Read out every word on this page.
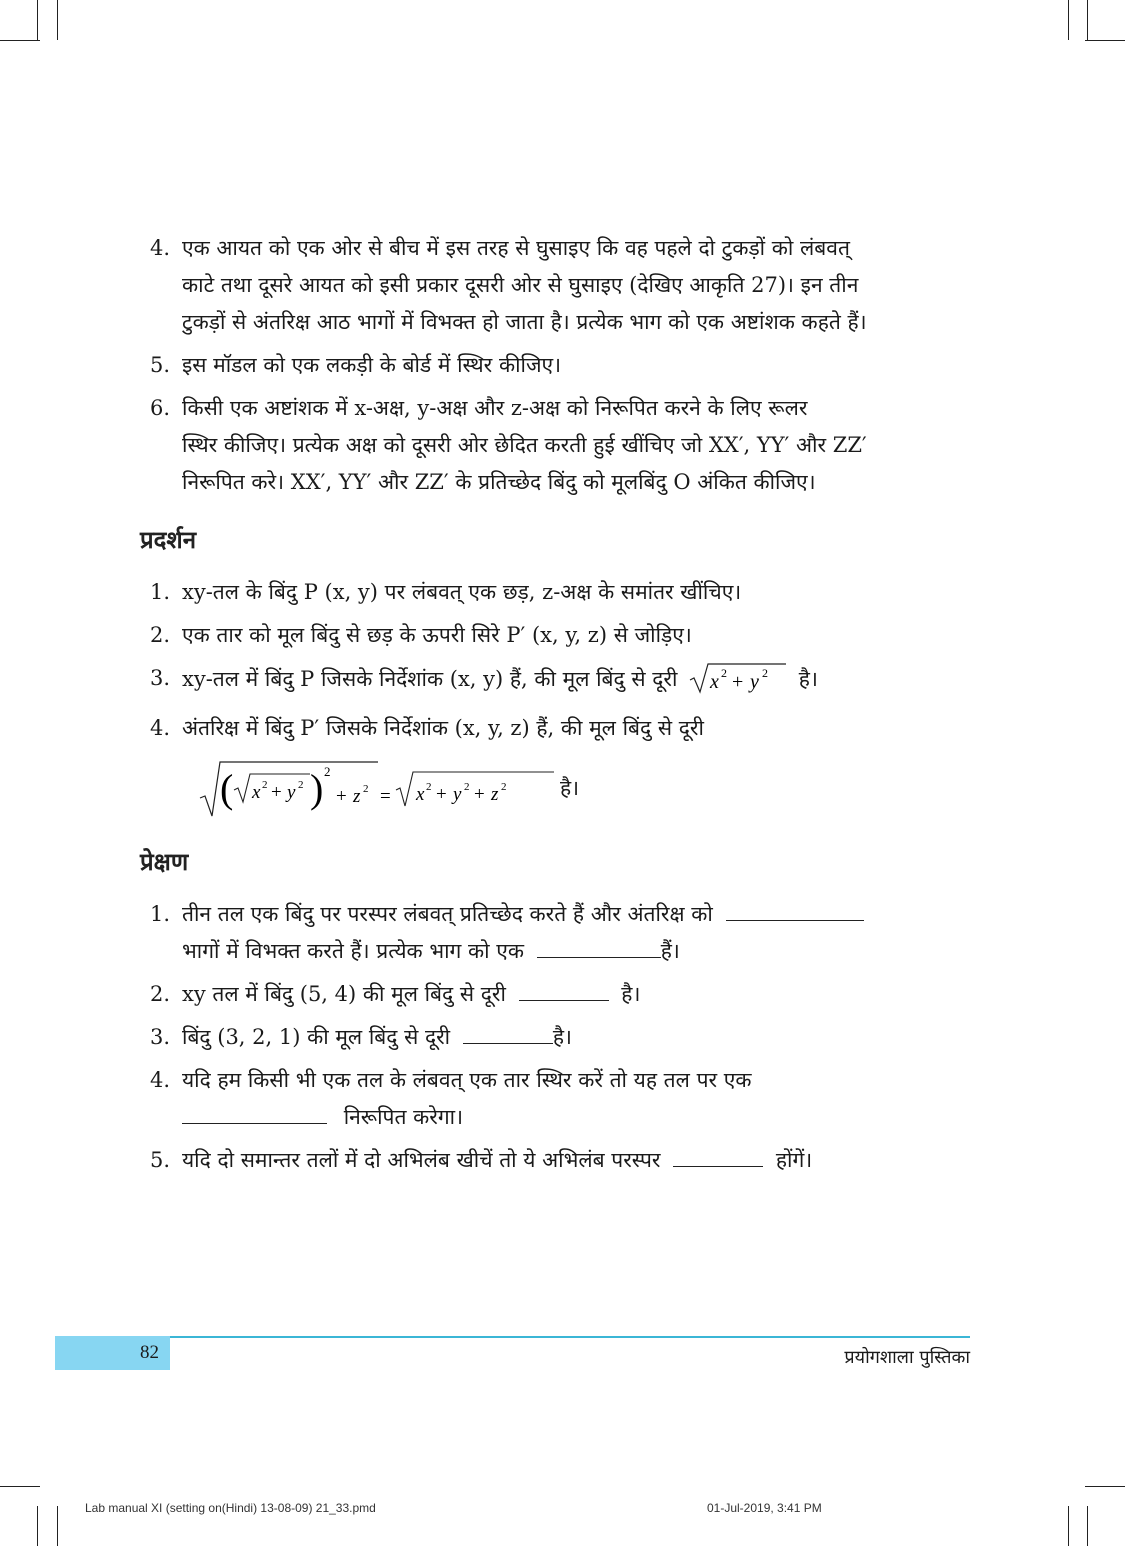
4. एक आयत को एक ओर से बीच में इस तरह से घुसाइए कि वह पहले दो टुकड़ों को लंबवत्
काटे तथा दूसरे आयत को इसी प्रकार दूसरी ओर से घुसाइए (देखिए आकृति 27)। इन तीन
टुकड़ों से अंतरिक्ष आठ भागों में विभक्त हो जाता है। प्रत्येक भाग को एक अष्टांशक कहते हैं।
5. इस मॉडल को एक लकड़ी के बोर्ड में स्थिर कीजिए।
6. किसी एक अष्टांशक में x-अक्ष, y-अक्ष और z-अक्ष को निरूपित करने के लिए रूलर
स्थिर कीजिए। प्रत्येक अक्ष को दूसरी ओर छेदित करती हुई खींचिए जो XX′, YY′ और ZZ′
निरूपित करे। XX′, YY′ और ZZ′ के प्रतिच्छेद बिंदु को मूलबिंदु O अंकित कीजिए।
प्रदर्शन
1. xy-तल के बिंदु P (x, y) पर लंबवत् एक छड़, z-अक्ष के समांतर खींचिए।
2. एक तार को मूल बिंदु से छड़ के ऊपरी सिरे P′ (x, y, z) से जोड़िए।
3. xy-तल में बिंदु P जिसके निर्देशांक (x, y) हैं, की मूल बिंदु से दूरी x 2 + y 2 है।
4. अंतरिक्ष में बिंदु P′ जिसके निर्देशांक (x, y, z) हैं, की मूल बिंदु से दूरी
( x 2 + y 2 ) 2
+ z 2 = x 2 + y 2 + z 2	है।
प्रेक्षण
1. तीन तल एक बिंदु पर परस्पर लंबवत् प्रतिच्छेद करते हैं और अंतरिक्ष को
भागों में विभक्त करते हैं। प्रत्येक भाग को एक	हैं।
2. xy तल में बिंदु (5, 4) की मूल बिंदु से दूरी	है।
3. बिंदु (3, 2, 1) की मूल बिंदु से दूरी	है।
4. यदि हम किसी भी एक तल के लंबवत् एक तार स्थिर करें तो यह तल पर एक
निरूपित करेगा।
5. यदि दो समान्तर तलों में दो अभिलंब खीचें तो ये अभिलंब परस्पर	होंगें।
82	प्रयोगशाला पुस्तिका
Lab manual XI (setting on(Hindi) 13-08-09) 21_33.pmd	01-Jul-2019, 3:41 PM
